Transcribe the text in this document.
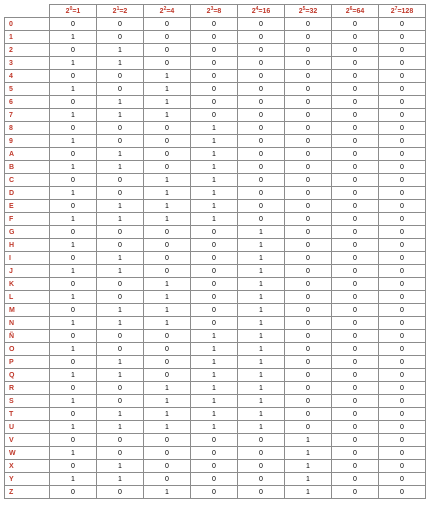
	$2^0=1$	$2^1=2$	$2^2=4$	$2^3=8$	$2^4=16$	$2^5=32$	$2^6=64$	$2^7=128$
0	0	0	0	0	0	0	0	0
1	1	0	0	0	0	0	0	0
2	0	1	0	0	0	0	0	0
3	1	1	0	0	0	0	0	0
4	0	0	1	0	0	0	0	0
5	1	0	1	0	0	0	0	0
6	0	1	1	0	0	0	0	0
7	1	1	1	0	0	0	0	0
8	0	0	0	1	0	0	0	0
9	1	0	0	1	0	0	0	0
A	0	1	0	1	0	0	0	0
B	1	1	0	1	0	0	0	0
C	0	0	1	1	0	0	0	0
D	1	0	1	1	0	0	0	0
E	0	1	1	1	0	0	0	0
F	1	1	1	1	0	0	0	0
G	0	0	0	0	1	0	0	0
H	1	0	0	0	1	0	0	0
I	0	1	0	0	1	0	0	0
J	1	1	0	0	1	0	0	0
K	0	0	1	0	1	0	0	0
L	1	0	1	0	1	0	0	0
M	0	1	1	0	1	0	0	0
N	1	1	1	0	1	0	0	0
Ñ	0	0	0	1	1	0	0	0
O	1	0	0	1	1	0	0	0
P	0	1	0	1	1	0	0	0
Q	1	1	0	1	1	0	0	0
R	0	0	1	1	1	0	0	0
S	1	0	1	1	1	0	0	0
T	0	1	1	1	1	0	0	0
U	1	1	1	1	1	0	0	0
V	0	0	0	0	0	1	0	0
W	1	0	0	0	0	1	0	0
X	0	1	0	0	0	1	0	0
Y	1	1	0	0	0	1	0	0
Z	0	0	1	0	0	1	0	0
